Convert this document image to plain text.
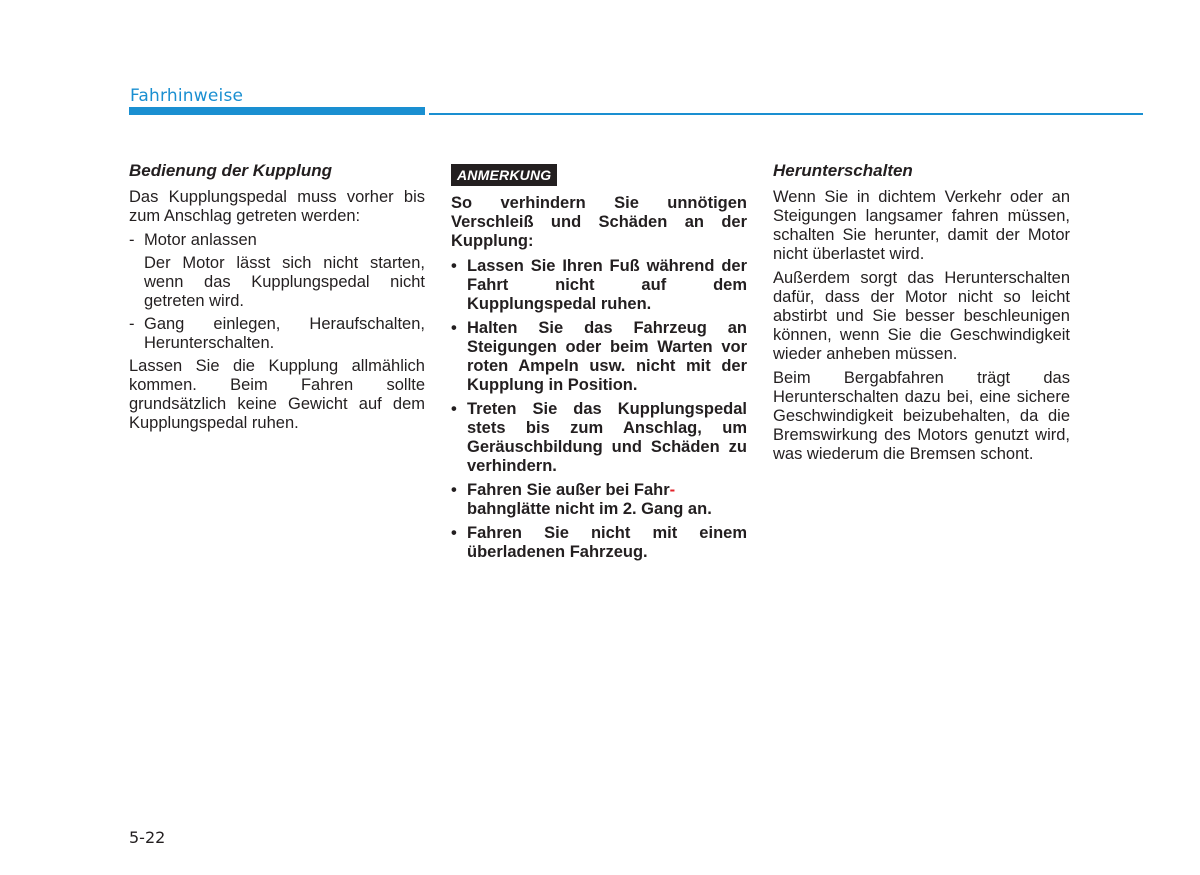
Fahrhinweise
Bedienung der Kupplung

Das Kupplungspedal muss vorher bis zum Anschlag getreten werden:

- Motor anlassen
Der Motor lässt sich nicht starten, wenn das Kupplungspedal nicht getreten wird.
- Gang einlegen, Heraufschalten, Herunterschalten.

Lassen Sie die Kupplung allmählich kommen. Beim Fahren sollte grundsätzlich keine Gewicht auf dem Kupplungspedal ruhen.

ANMERKUNG
So verhindern Sie unnötigen Verschleiß und Schäden an der Kupplung:
• Lassen Sie Ihren Fuß während der Fahrt nicht auf dem Kupplungspedal ruhen.
• Halten Sie das Fahrzeug an Steigungen oder beim Warten vor roten Ampeln usw. nicht mit der Kupplung in Position.
• Treten Sie das Kupplungspedal stets bis zum Anschlag, um Geräuschbildung und Schäden zu verhindern.
• Fahren Sie außer bei Fahr-
bahnglätte nicht im 2. Gang an.
• Fahren Sie nicht mit einem überladenen Fahrzeug.
Herunterschalten

Wenn Sie in dichtem Verkehr oder an Steigungen langsamer fahren müssen, schalten Sie herunter, damit der Motor nicht überlastet wird.

Außerdem sorgt das Herunterschalten dafür, dass der Motor nicht so leicht abstirbt und Sie besser beschleunigen können, wenn Sie die Geschwindigkeit wieder anheben müssen.

Beim Bergabfahren trägt das Herunterschalten dazu bei, eine sichere Geschwindigkeit beizubehalten, da die Bremswirkung des Motors genutzt wird, was wiederum die Bremsen schont.

5-22
